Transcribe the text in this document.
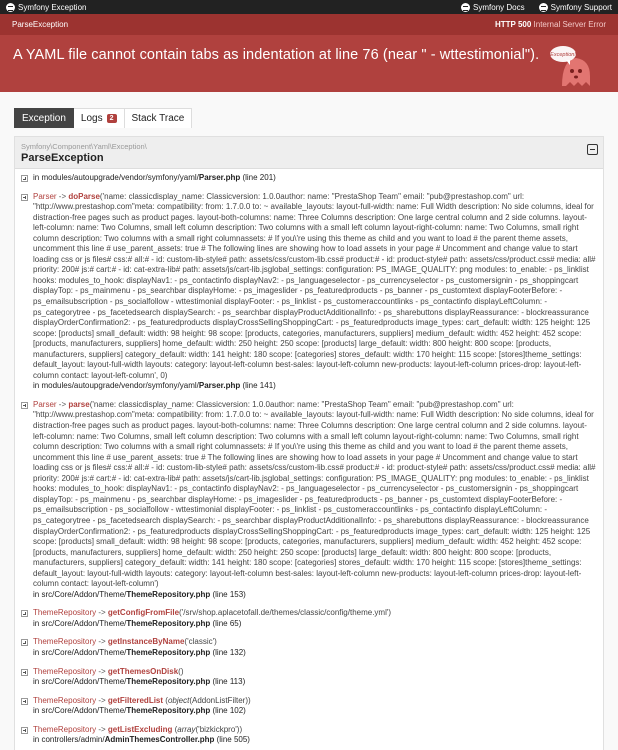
Symfony Exception	Symfony Docs	Symfony Support
ParseException	HTTP 500 Internal Server Error
A YAML file cannot contain tabs as indentation at line 76 (near " - wttestimonial").	Exception!
Exception Logs	2	Stack Trace
Symfony\Component\Yaml\Exception\
ParseException
in modules/autoupgrade/vendor/symfony/yaml/Parser.php (line 201)
Parser -> doParse('name: classicdisplay_name: Classicversion: 1.0.0author: name: "PrestaShop Team" email: "pub@prestashop.com" url: "http://www.prestashop.com"meta: compatibility: from: 1.7.0.0 to: ~ available_layouts: layout-full-width: name: Full Width description: No side columns, ideal for distraction-free pages such as product pages. layout-both-columns: name: Three Columns description: One large central column and 2 side columns. layout-left-column: name: Two Columns, small left column description: Two columns with a small left column layout-right-column: name: Two Columns, small right column description: Two columns with a small right columnassets: # If you\'re using this theme as child and you want to load # the parent theme assets, uncomment this line # use_parent_assets: true # The following lines are showing how to load assets in your page # Uncomment and change value to start loading css or js files# css:# all:# - id: custom-lib-style# path: assets/css/custom-lib.css# product:# - id: product-style# path: assets/css/product.css# media: all# priority: 200# js:# cart:# - id: cat-extra-lib# path: assets/js/cart-lib.jsglobal_settings: configuration: PS_IMAGE_QUALITY: png modules: to_enable: - ps_linklist hooks: modules_to_hook: displayNav1: - ps_contactinfo displayNav2: - ps_languageselector - ps_currencyselector - ps_customersignin - ps_shoppingcart displayTop: - ps_mainmenu - ps_searchbar displayHome: - ps_imageslider - ps_featuredproducts - ps_banner - ps_customtext displayFooterBefore: - ps_emailsubscription - ps_socialfollow - wttestimonial displayFooter: - ps_linklist - ps_customeraccountlinks - ps_contactinfo displayLeftColumn: - ps_categorytree - ps_facetedsearch displaySearch: - ps_searchbar displayProductAdditionalInfo: - ps_sharebuttons displayReassurance: - blockreassurance displayOrderConfirmation2: - ps_featuredproducts displayCrossSellingShoppingCart: - ps_featuredproducts image_types: cart_default: width: 125 height: 125 scope: [products] small_default: width: 98 height: 98 scope: [products, categories, manufacturers, suppliers] medium_default: width: 452 height: 452 scope: [products, manufacturers, suppliers] home_default: width: 250 height: 250 scope: [products] large_default: width: 800 height: 800 scope: [products, manufacturers, suppliers] category_default: width: 141 height: 180 scope: [categories] stores_default: width: 170 height: 115 scope: [stores]theme_settings: default_layout: layout-full-width layouts: category: layout-left-column best-sales: layout-left-column new-products: layout-left-column prices-drop: layout-left-column contact: layout-left-column', 0)
in modules/autoupgrade/vendor/symfony/yaml/Parser.php (line 141)
Parser -> parse('name: classicdisplay_name: Classicversion: 1.0.0author: name: "PrestaShop Team" email: "pub@prestashop.com" url: "http://www.prestashop.com"meta: compatibility: from: 1.7.0.0 to: ~ available_layouts: layout-full-width: name: Full Width description: No side columns, ideal for distraction-free pages such as product pages. layout-both-columns: name: Three Columns description: One large central column and 2 side columns. layout-left-column: name: Two Columns, small left column description: Two columns with a small left column layout-right-column: name: Two Columns, small right column description: Two columns with a small right columnassets: # If you\'re using this theme as child and you want to load # the parent theme assets, uncomment this line # use_parent_assets: true # The following lines are showing how to load assets in your page # Uncomment and change value to start loading css or js files# css:# all:# - id: custom-lib-style# path: assets/css/custom-lib.css# product:# - id: product-style# path: assets/css/product.css# media: all# priority: 200# js:# cart:# - id: cat-extra-lib# path: assets/js/cart-lib.jsglobal_settings: configuration: PS_IMAGE_QUALITY: png modules: to_enable: - ps_linklist hooks: modules_to_hook: displayNav1: - ps_contactinfo displayNav2: - ps_languageselector - ps_currencyselector - ps_customersignin - ps_shoppingcart displayTop: - ps_mainmenu - ps_searchbar displayHome: - ps_imageslider - ps_featuredproducts - ps_banner - ps_customtext displayFooterBefore: - ps_emailsubscription - ps_socialfollow - wttestimonial displayFooter: - ps_linklist - ps_customeraccountlinks - ps_contactinfo displayLeftColumn: - ps_categorytree - ps_facetedsearch displaySearch: - ps_searchbar displayProductAdditionalInfo: - ps_sharebuttons displayReassurance: - blockreassurance displayOrderConfirmation2: - ps_featuredproducts displayCrossSellingShoppingCart: - ps_featuredproducts image_types: cart_default: width: 125 height: 125 scope: [products] small_default: width: 98 height: 98 scope: [products, categories, manufacturers, suppliers] medium_default: width: 452 height: 452 scope: [products, manufacturers, suppliers] home_default: width: 250 height: 250 scope: [products] large_default: width: 800 height: 800 scope: [products, manufacturers, suppliers] category_default: width: 141 height: 180 scope: [categories] stores_default: width: 170 height: 115 scope: [stores]theme_settings: default_layout: layout-full-width layouts: category: layout-left-column best-sales: layout-left-column new-products: layout-left-column prices-drop: layout-left-column contact: layout-left-column')
in src/Core/Addon/Theme/ThemeRepository.php (line 153)
ThemeRepository -> getConfigFromFile('/srv/shop.aplacetofall.de/themes/classic/config/theme.yml')
in src/Core/Addon/Theme/ThemeRepository.php (line 65)
ThemeRepository -> getInstanceByName('classic')
in src/Core/Addon/Theme/ThemeRepository.php (line 132)
ThemeRepository -> getThemesOnDisk()
in src/Core/Addon/Theme/ThemeRepository.php (line 113)
ThemeRepository -> getFilteredList (object(AddonListFilter))
in src/Core/Addon/Theme/ThemeRepository.php (line 102)
ThemeRepository -> getListExcluding (array('bizkickpro'))
in controllers/admin/AdminThemesController.php (line 505)
